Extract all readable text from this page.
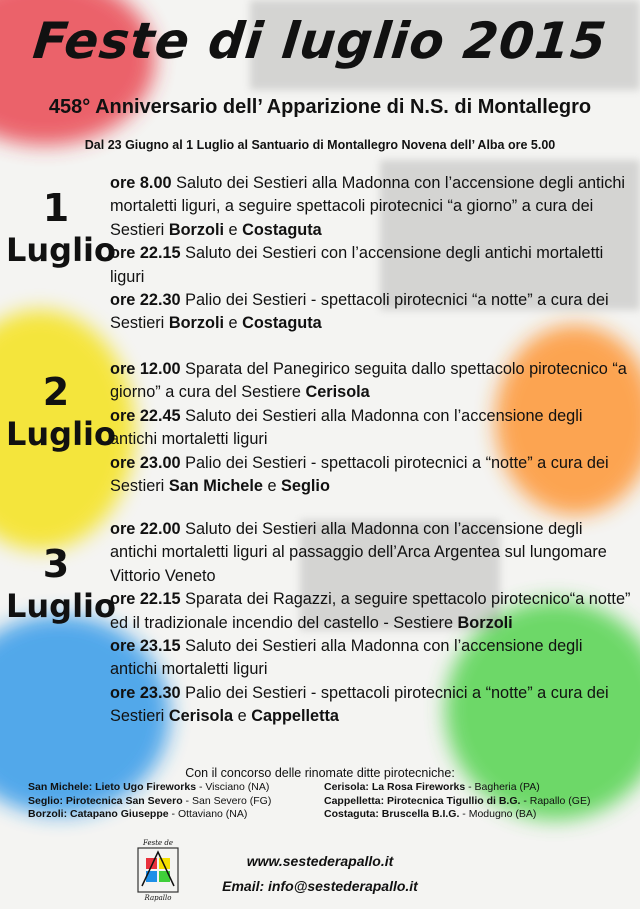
Feste di luglio 2015
458° Anniversario dell’ Apparizione di N.S. di Montallegro
Dal 23 Giugno al 1 Luglio al Santuario di Montallegro Novena dell’ Alba ore 5.00
1
Luglio

ore 8.00 Saluto dei Sestieri alla Madonna con l’accensione degli antichi mortaletti liguri, a seguire spettacoli pirotecnici “a giorno” a cura dei Sestieri Borzoli e Costaguta

ore 22.15 Saluto dei Sestieri con l’accensione degli antichi mortaletti liguri

ore 22.30 Palio dei Sestieri - spettacoli pirotecnici “a notte” a cura dei Sestieri Borzoli e Costaguta

2
Luglio

ore 12.00 Sparata del Panegirico seguita dallo spettacolo pirotecnico “a giorno” a cura del Sestiere Cerisola

ore 22.45 Saluto dei Sestieri alla Madonna con l’accensione degli antichi mortaletti liguri

ore 23.00 Palio dei Sestieri - spettacoli pirotecnici a “notte” a cura dei Sestieri San Michele e Seglio

3
Luglio

ore 22.00 Saluto dei Sestieri alla Madonna con l’accensione degli antichi mortaletti liguri al passaggio dell’Arca Argentea sul lungomare Vittorio Veneto

ore 22.15 Sparata dei Ragazzi, a seguire spettacolo pirotecnico“a notte” ed il tradizionale incendio del castello - Sestiere Borzoli

ore 23.15 Saluto dei Sestieri alla Madonna con l’accensione degli antichi mortaletti liguri

ore 23.30 Palio dei Sestieri - spettacoli pirotecnici a “notte” a cura dei Sestieri Cerisola e Cappelletta

Con il concorso delle rinomate ditte pirotecniche:
San Michele: Lieto Ugo Fireworks - Visciano (NA)
Seglio: Pirotecnica San Severo - San Severo (FG)
Borzoli: Catapano Giuseppe - Ottaviano (NA)
Cerisola: La Rosa Fireworks - Bagheria (PA)
Cappelletta: Pirotecnica Tigullio di B.G. - Rapallo (GE)
Costaguta: Bruscella B.I.G. - Modugno (BA)
Feste de
Rapallo
www.sestederapallo.it
Email: info@sestederapallo.it
